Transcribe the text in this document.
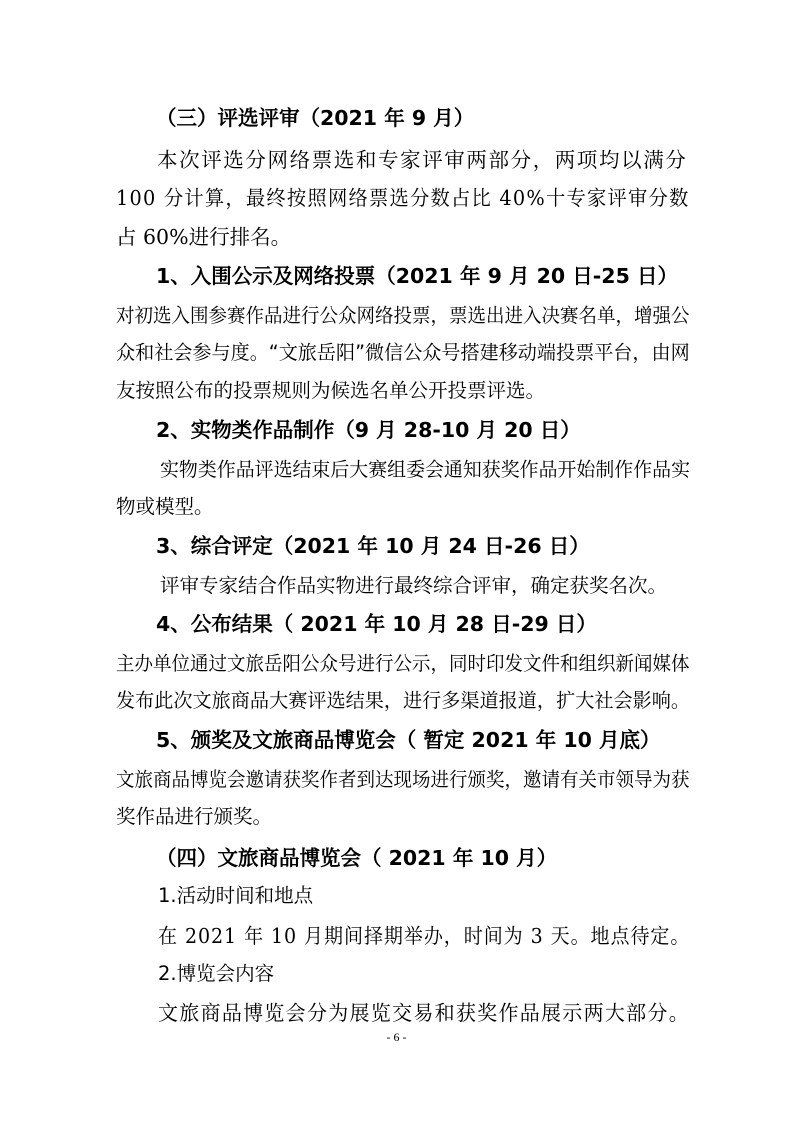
（三）评选评审（2021 年 9 月）
本次评选分网络票选和专家评审两部分，两项均以满分
100 分计算，最终按照网络票选分数占比 40%十专家评审分数
占 60%进行排名。
1、入围公示及网络投票（2021 年 9 月 20 日-25 日）
对初选入围参赛作品进行公众网络投票，票选出进入决赛名单，增强公
众和社会参与度。“文旅岳阳”微信公众号搭建移动端投票平台，由网
友按照公布的投票规则为候选名单公开投票评选。
2、实物类作品制作（9 月 28-10 月 20 日）
实物类作品评选结束后大赛组委会通知获奖作品开始制作作品实
物或模型。
3、综合评定（2021 年 10 月 24 日-26 日）
评审专家结合作品实物进行最终综合评审，确定获奖名次。
4、公布结果（ 2021 年 10 月 28 日-29 日）
主办单位通过文旅岳阳公众号进行公示，同时印发文件和组织新闻媒体
发布此次文旅商品大赛评选结果，进行多渠道报道，扩大社会影响。
5、颁奖及文旅商品博览会（ 暂定 2021 年 10 月底）
文旅商品博览会邀请获奖作者到达现场进行颁奖，邀请有关市领导为获
奖作品进行颁奖。
（四）文旅商品博览会（ 2021 年 10 月）
1.活动时间和地点
在 2021 年 10 月期间择期举办，时间为 3 天。地点待定。
2.博览会内容
文旅商品博览会分为展览交易和获奖作品展示两大部分。
- 6 -
